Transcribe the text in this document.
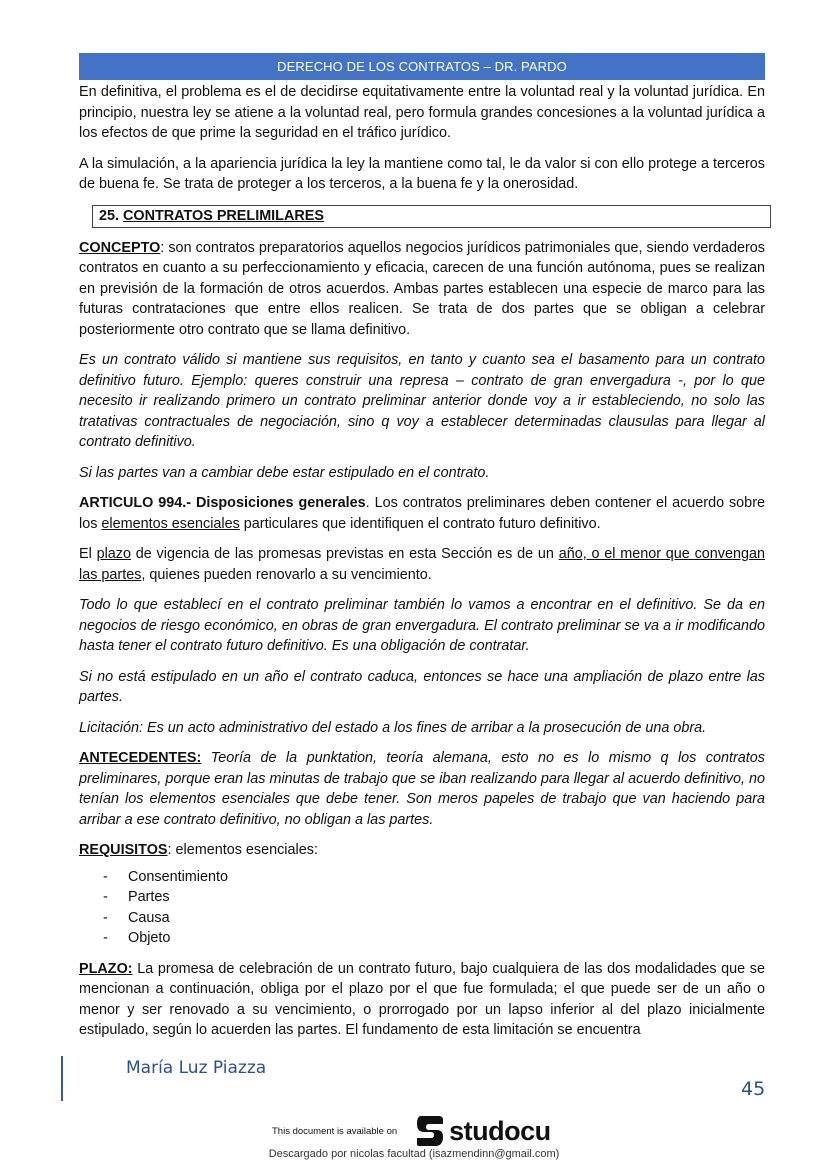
DERECHO DE LOS CONTRATOS – DR. PARDO

En definitiva, el problema es el de decidirse equitativamente entre la voluntad real y la voluntad jurídica. En principio, nuestra ley se atiene a la voluntad real, pero formula grandes concesiones a la voluntad jurídica a los efectos de que prime la seguridad en el tráfico jurídico.

A la simulación, a la apariencia jurídica la ley la mantiene como tal, le da valor si con ello protege a terceros de buena fe. Se trata de proteger a los terceros, a la buena fe y la onerosidad.

25. CONTRATOS PRELIMILARES

CONCEPTO: son contratos preparatorios aquellos negocios jurídicos patrimoniales que, siendo verdaderos contratos en cuanto a su perfeccionamiento y eficacia, carecen de una función autónoma, pues se realizan en previsión de la formación de otros acuerdos. Ambas partes establecen una especie de marco para las futuras contrataciones que entre ellos realicen. Se trata de dos partes que se obligan a celebrar posteriormente otro contrato que se llama definitivo.

Es un contrato válido si mantiene sus requisitos, en tanto y cuanto sea el basamento para un contrato definitivo futuro. Ejemplo: queres construir una represa – contrato de gran envergadura -, por lo que necesito ir realizando primero un contrato preliminar anterior donde voy a ir estableciendo, no solo las tratativas contractuales de negociación, sino q voy a establecer determinadas clausulas para llegar al contrato definitivo.

Si las partes van a cambiar debe estar estipulado en el contrato.

ARTICULO 994.- Disposiciones generales. Los contratos preliminares deben contener el acuerdo sobre los elementos esenciales particulares que identifiquen el contrato futuro definitivo.

El plazo de vigencia de las promesas previstas en esta Sección es de un año, o el menor que convengan las partes, quienes pueden renovarlo a su vencimiento.

Todo lo que establecí en el contrato preliminar también lo vamos a encontrar en el definitivo. Se da en negocios de riesgo económico, en obras de gran envergadura. El contrato preliminar se va a ir modificando hasta tener el contrato futuro definitivo. Es una obligación de contratar.

Si no está estipulado en un año el contrato caduca, entonces se hace una ampliación de plazo entre las partes.

Licitación: Es un acto administrativo del estado a los fines de arribar a la prosecución de una obra.

ANTECEDENTES: Teoría de la punktation, teoría alemana, esto no es lo mismo q los contratos preliminares, porque eran las minutas de trabajo que se iban realizando para llegar al acuerdo definitivo, no tenían los elementos esenciales que debe tener. Son meros papeles de trabajo que van haciendo para arribar a ese contrato definitivo, no obligan a las partes.

REQUISITOS: elementos esenciales:

-	Consentimiento
-	Partes
-	Causa
-	Objeto

PLAZO: La promesa de celebración de un contrato futuro, bajo cualquiera de las dos modalidades que se mencionan a continuación, obliga por el plazo por el que fue formulada; el que puede ser de un año o menor y ser renovado a su vencimiento, o prorrogado por un lapso inferior al del plazo inicialmente estipulado, según lo acuerden las partes. El fundamento de esta limitación se encuentra

María Luz Piazza
45
This document is available on studocu
Descargado por nicolas facultad (isazmendinn@gmail.com)
